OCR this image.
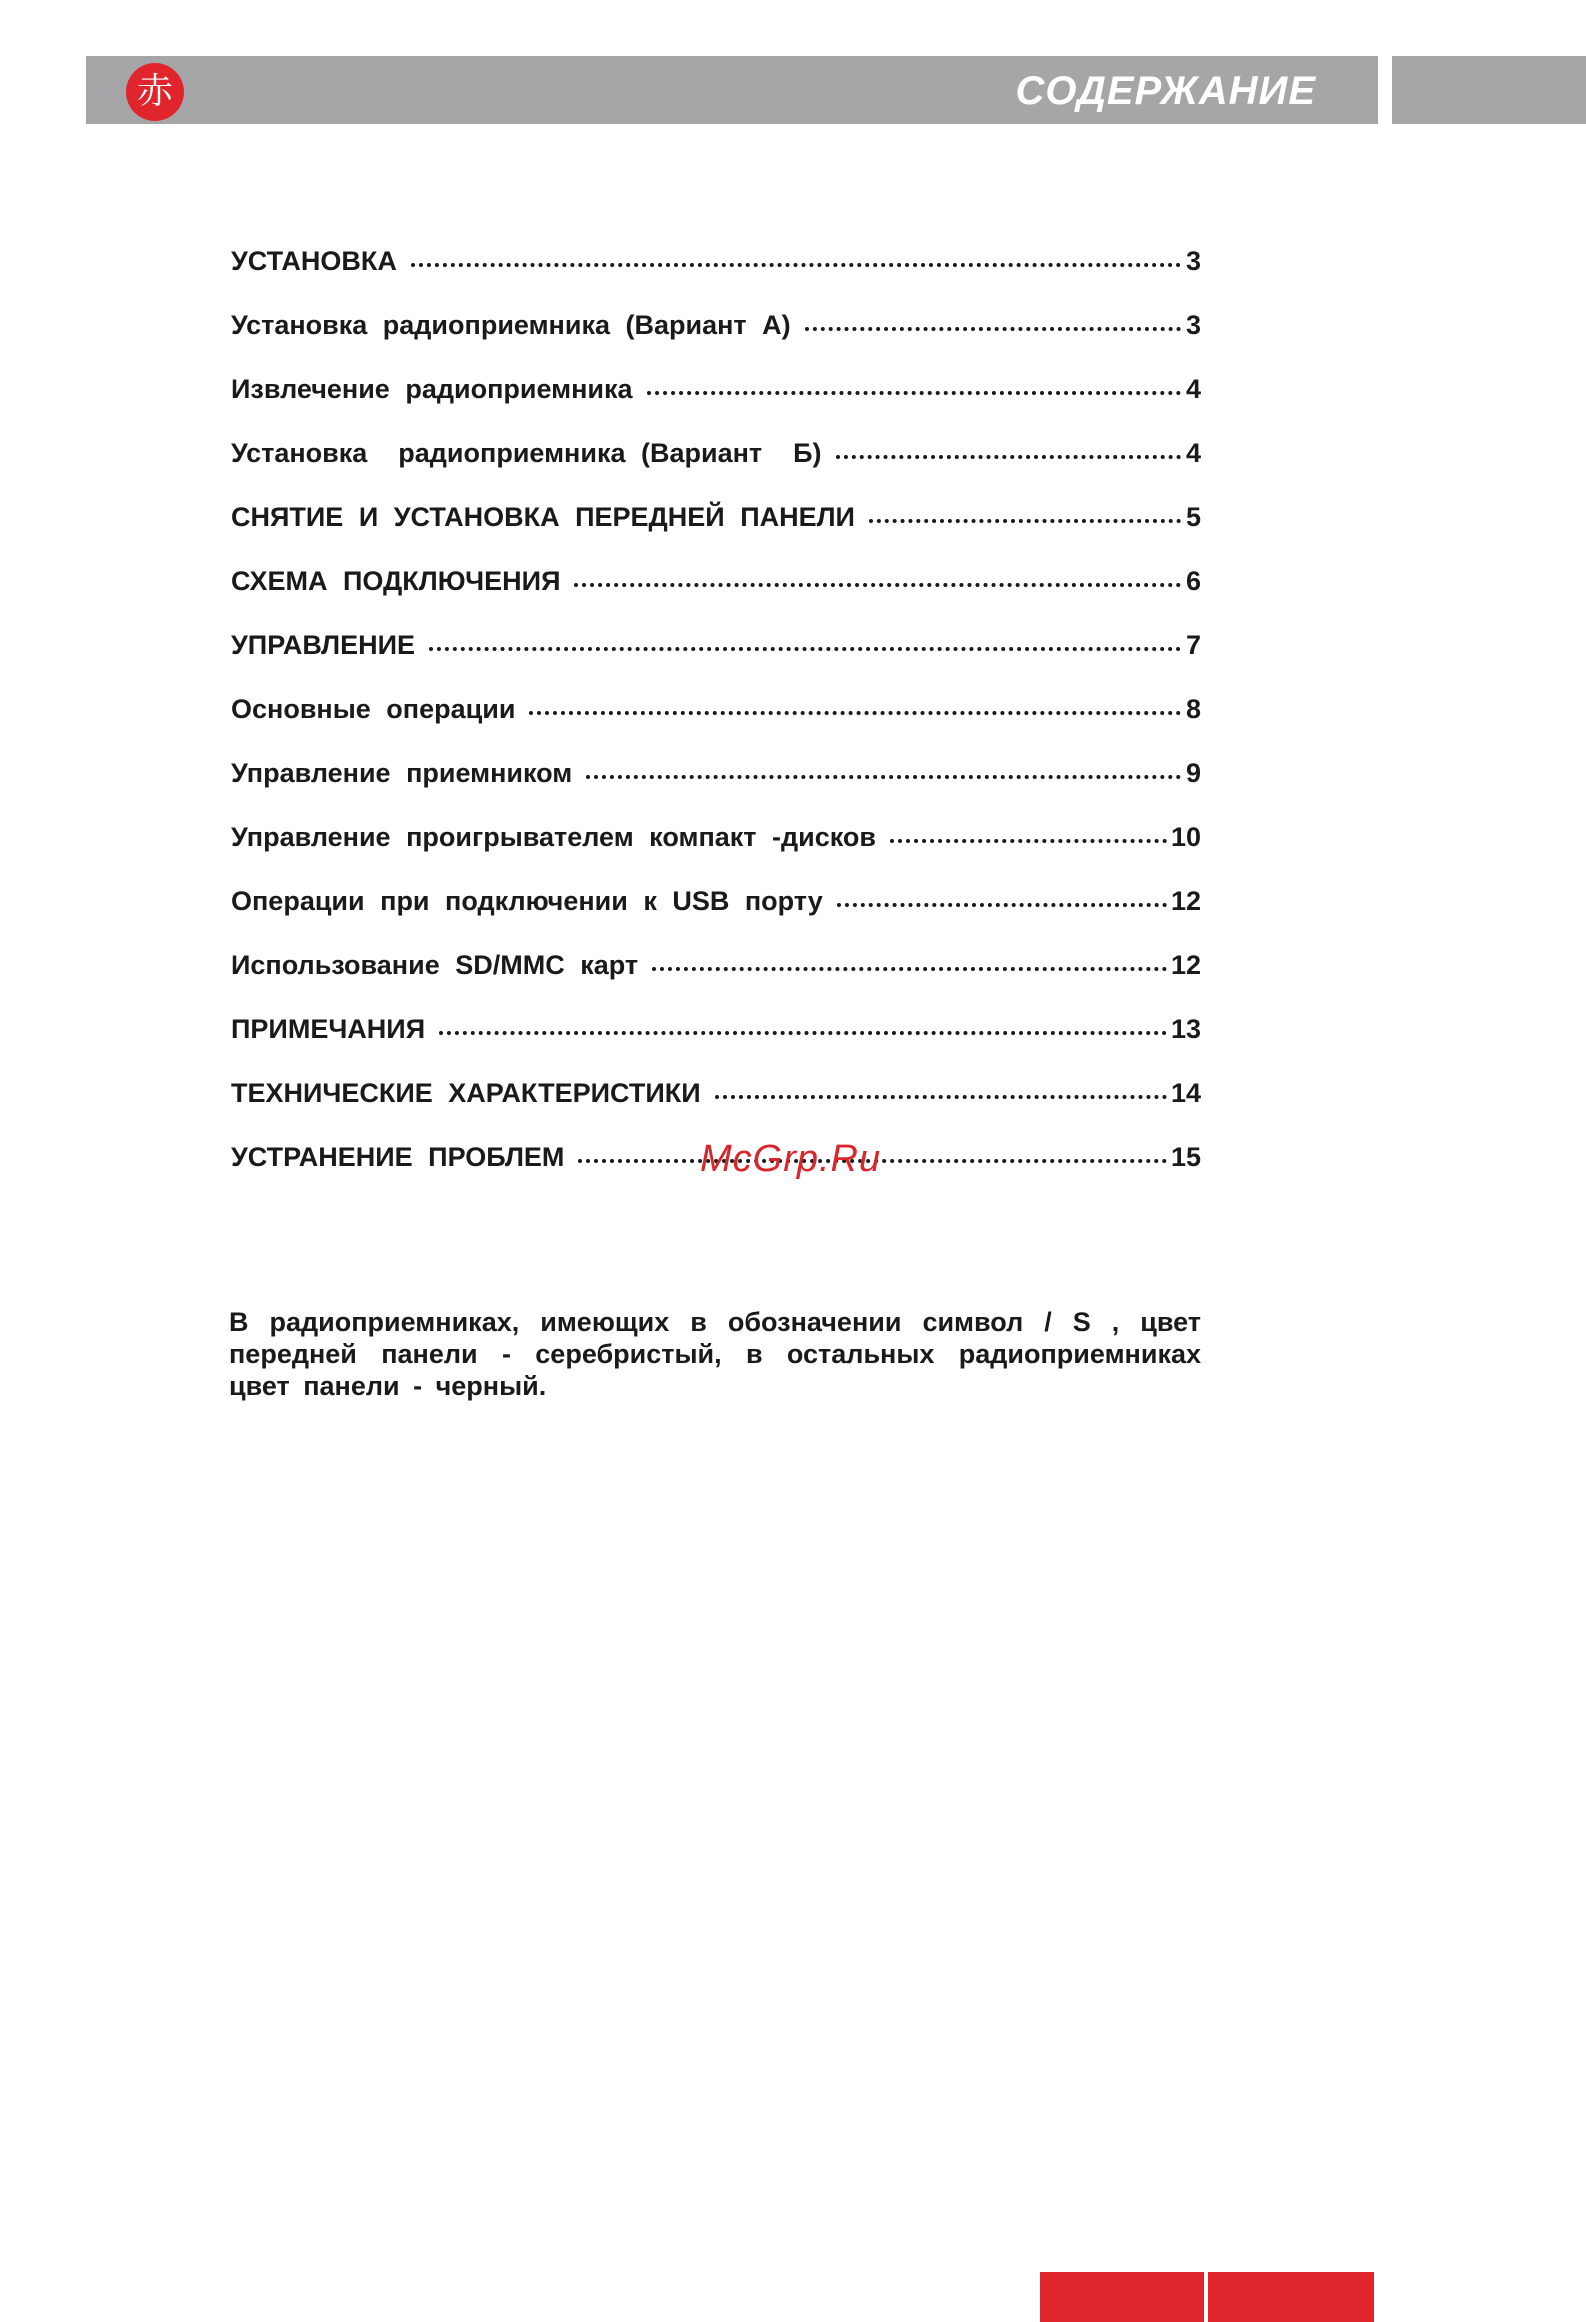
赤	СОДЕРЖАНИЕ
УСТАНОВКА	3
Установка радиоприемника (Вариант А)	3
Извлечение радиоприемника	4
Установка  радиоприемника (Вариант  Б)	4
СНЯТИЕ И УСТАНОВКА ПЕРЕДНЕЙ ПАНЕЛИ	5
СХЕМА ПОДКЛЮЧЕНИЯ	6
УПРАВЛЕНИЕ	7
Основные операции	8
Управление приемником	9
Управление проигрывателем компакт -дисков	10
Операции при подключении к USB порту	12
Использование SD/MMC карт	12
ПРИМЕЧАНИЯ	13
ТЕХНИЧЕСКИЕ ХАРАКТЕРИСТИКИ	14
УСТРАНЕНИЕ ПРОБЛЕМ	15

McGrp.Ru

В радиоприемниках, имеющих в обозначении символ / S , цвет передней панели - серебристый, в остальных радиоприемниках цвет панели - черный.
